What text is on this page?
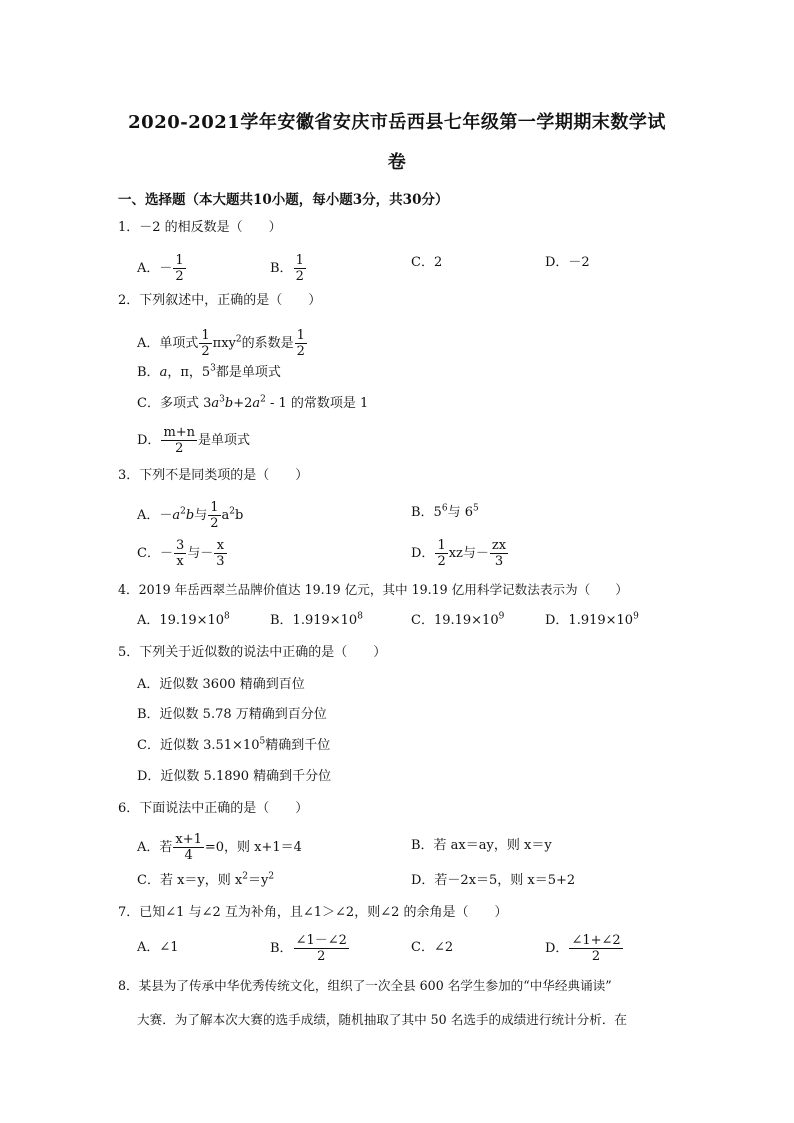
2020-2021学年安徽省安庆市岳西县七年级第一学期期末数学试
卷
一、选择题（本大题共10小题，每小题3分，共30分）
1．－2 的相反数是（　　）
A．－ $\frac{1}{2}$	B． $\frac{1}{2}$	C．2	D．－2
2．下列叙述中，正确的是（　　）
A．单项式 $\frac{1}{2} \pi xy^2$的系数是 $\frac{1}{2}$
B．a，π，$5^3$都是单项式
C．多项式 $3a^3b+2a^2 - 1$ 的常数项是 1
D． $\frac{m+n}{2}$ 是单项式
3．下列不是同类项的是（　　）
A．$-a^2b$与 $\frac{1}{2} a^2b$	B．$5^6$与 $6^5$
C．－ $\frac{3}{x}$ 与－ $\frac{x}{3}$	D． $\frac{1}{2}$ xz与－ $\frac{zx}{3}$
4．2019 年岳西翠兰品牌价值达 19.19 亿元，其中 19.19 亿用科学记数法表示为（　　）
A．$19.19\times 10^8$	B．$1.919\times 10^8$	C．$19.19\times 10^9$	D．$1.919\times 10^9$
5．下列关于近似数的说法中正确的是（　　）
A．近似数 3600 精确到百位
B．近似数 5.78 万精确到百分位
C．近似数 $3.51\times 10^5$精确到千位
D．近似数 5.1890 精确到千分位
6．下面说法中正确的是（　　）
A．若 $\frac{x+1}{4} =0$，则 x+1＝4	B．若 ax＝ay，则 x＝y
C．若 x＝y，则 $x^2=y^2$	D．若－2x＝5，则 x＝5+2
7．已知∠1 与∠2 互为补角，且∠1＞∠2，则∠2 的余角是（　　）
A．∠1	B． $\frac{\angle 1-\angle 2}{2}$	C．∠2	D． $\frac{\angle 1+\angle 2}{2}$
8．某县为了传承中华优秀传统文化，组织了一次全县 600 名学生参加的“中华经典诵读”
大赛．为了解本次大赛的选手成绩，随机抽取了其中 50 名选手的成绩进行统计分析．在
